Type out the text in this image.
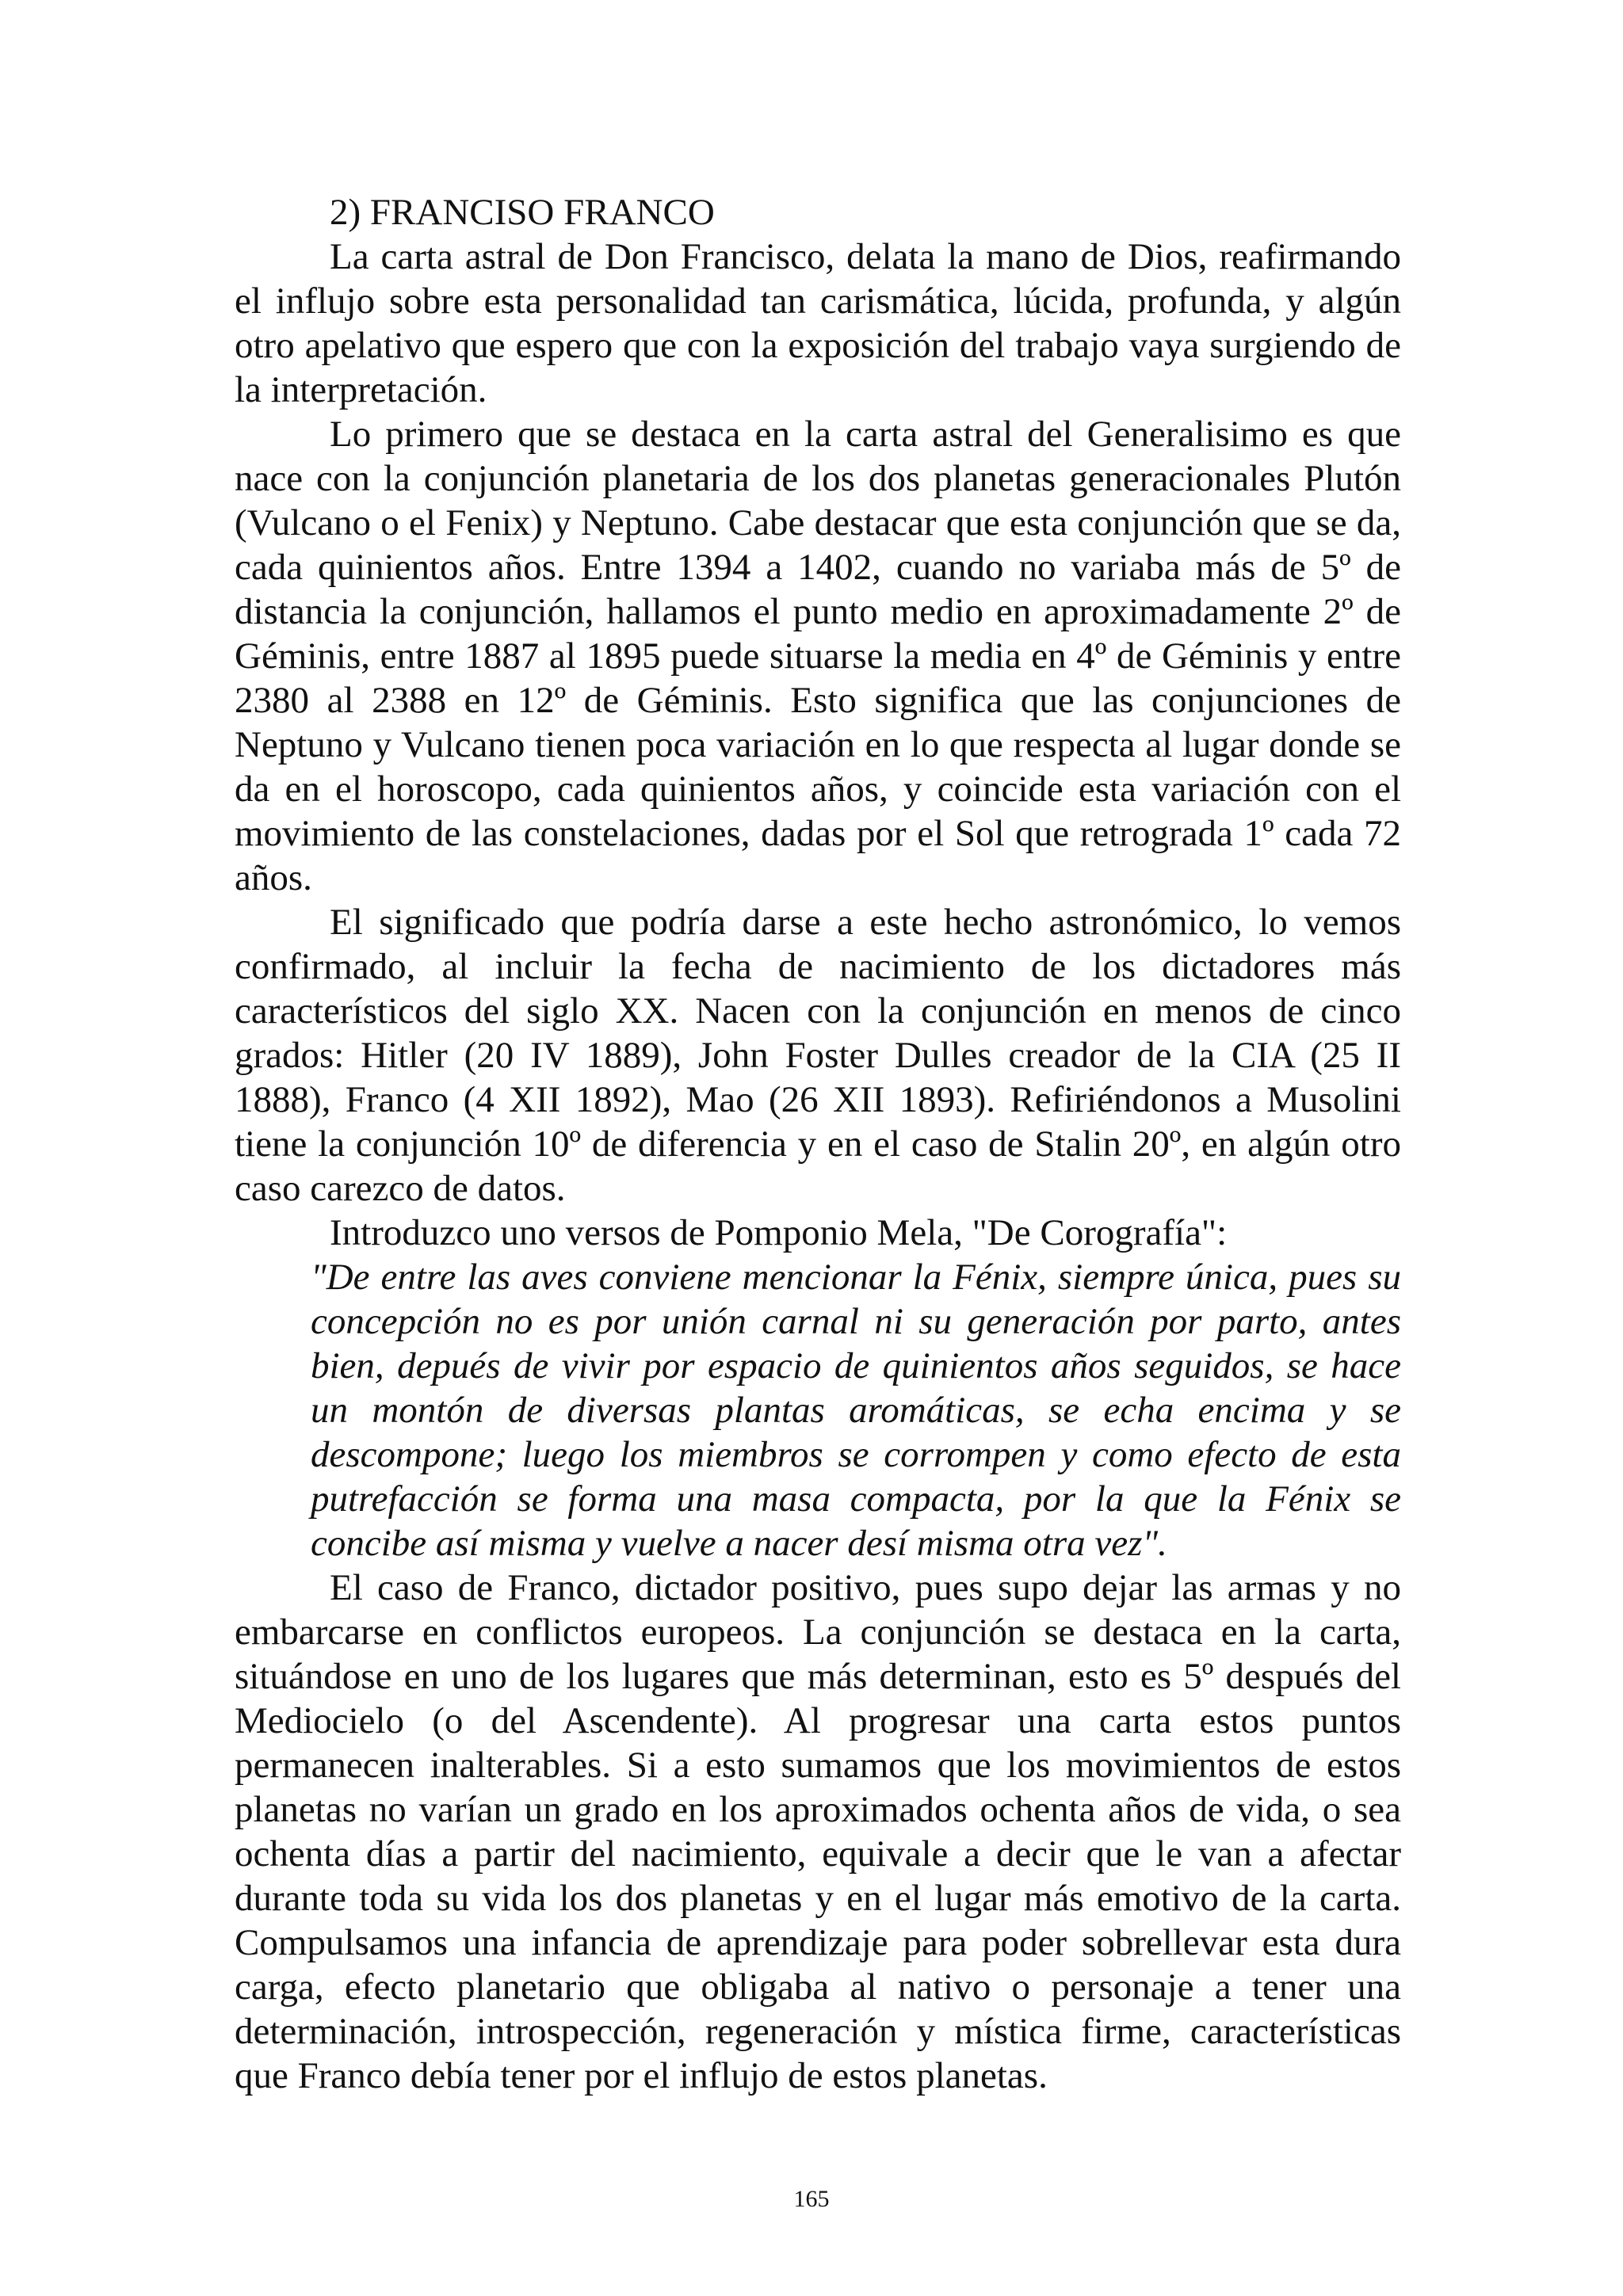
2) FRANCISO FRANCO

La carta astral de Don Francisco, delata la mano de Dios, reafirmando el influjo sobre esta personalidad tan carismática, lúcida, profunda, y algún otro apelativo que espero que con la exposición del trabajo vaya surgiendo de la interpretación.

Lo primero que se destaca en la carta astral del Generalisimo es que nace con la conjunción planetaria de los dos planetas generacionales Plutón (Vulcano o el Fenix) y Neptuno. Cabe destacar que esta conjunción que se da, cada quinientos años. Entre 1394 a 1402, cuando no variaba más de 5º de distancia la conjunción, hallamos el punto medio en aproximadamente 2º de Géminis, entre 1887 al 1895 puede situarse la media en 4º de Géminis y entre 2380 al 2388 en 12º de Géminis. Esto significa que las conjunciones de Neptuno y Vulcano tienen poca variación en lo que respecta al lugar donde se da en el horoscopo, cada quinientos años, y coincide esta variación con el movimiento de las constelaciones, dadas por el Sol que retrograda 1º cada 72 años.

El significado que podría darse a este hecho astronómico, lo vemos confirmado, al incluir la fecha de nacimiento de los dictadores más característicos del siglo XX. Nacen con la conjunción en menos de cinco grados: Hitler (20 IV 1889), John Foster Dulles creador de la CIA (25 II 1888), Franco (4 XII 1892), Mao (26 XII 1893). Refiriéndonos a Musolini tiene la conjunción 10º de diferencia y en el caso de Stalin 20º, en algún otro caso carezco de datos.

Introduzco uno versos de Pomponio Mela, "De Corografía":

"De entre las aves conviene mencionar la Fénix, siempre única, pues su concepción no es por unión carnal ni su generación por parto, antes bien, depués de vivir por espacio de quinientos años seguidos, se hace un montón de diversas plantas aromáticas, se echa encima y se descompone; luego los miembros se corrompen y como efecto de esta putrefacción se forma una masa compacta, por la que la Fénix se concibe así misma y vuelve a nacer desí misma otra vez".

El caso de Franco, dictador positivo, pues supo dejar las armas y no embarcarse en conflictos europeos. La conjunción se destaca en la carta, situándose en uno de los lugares que más determinan, esto es 5º después del Mediocielo (o del Ascendente). Al progresar una carta estos puntos permanecen inalterables. Si a esto sumamos que los movimientos de estos planetas no varían un grado en los aproximados ochenta años de vida, o sea ochenta días a partir del nacimiento, equivale a decir que le van a afectar durante toda su vida los dos planetas y en el lugar más emotivo de la carta. Compulsamos una infancia de aprendizaje para poder sobrellevar esta dura carga, efecto planetario que obligaba al nativo o personaje a tener una determinación, introspección, regeneración y mística firme, características que Franco debía tener por el influjo de estos planetas.

165
